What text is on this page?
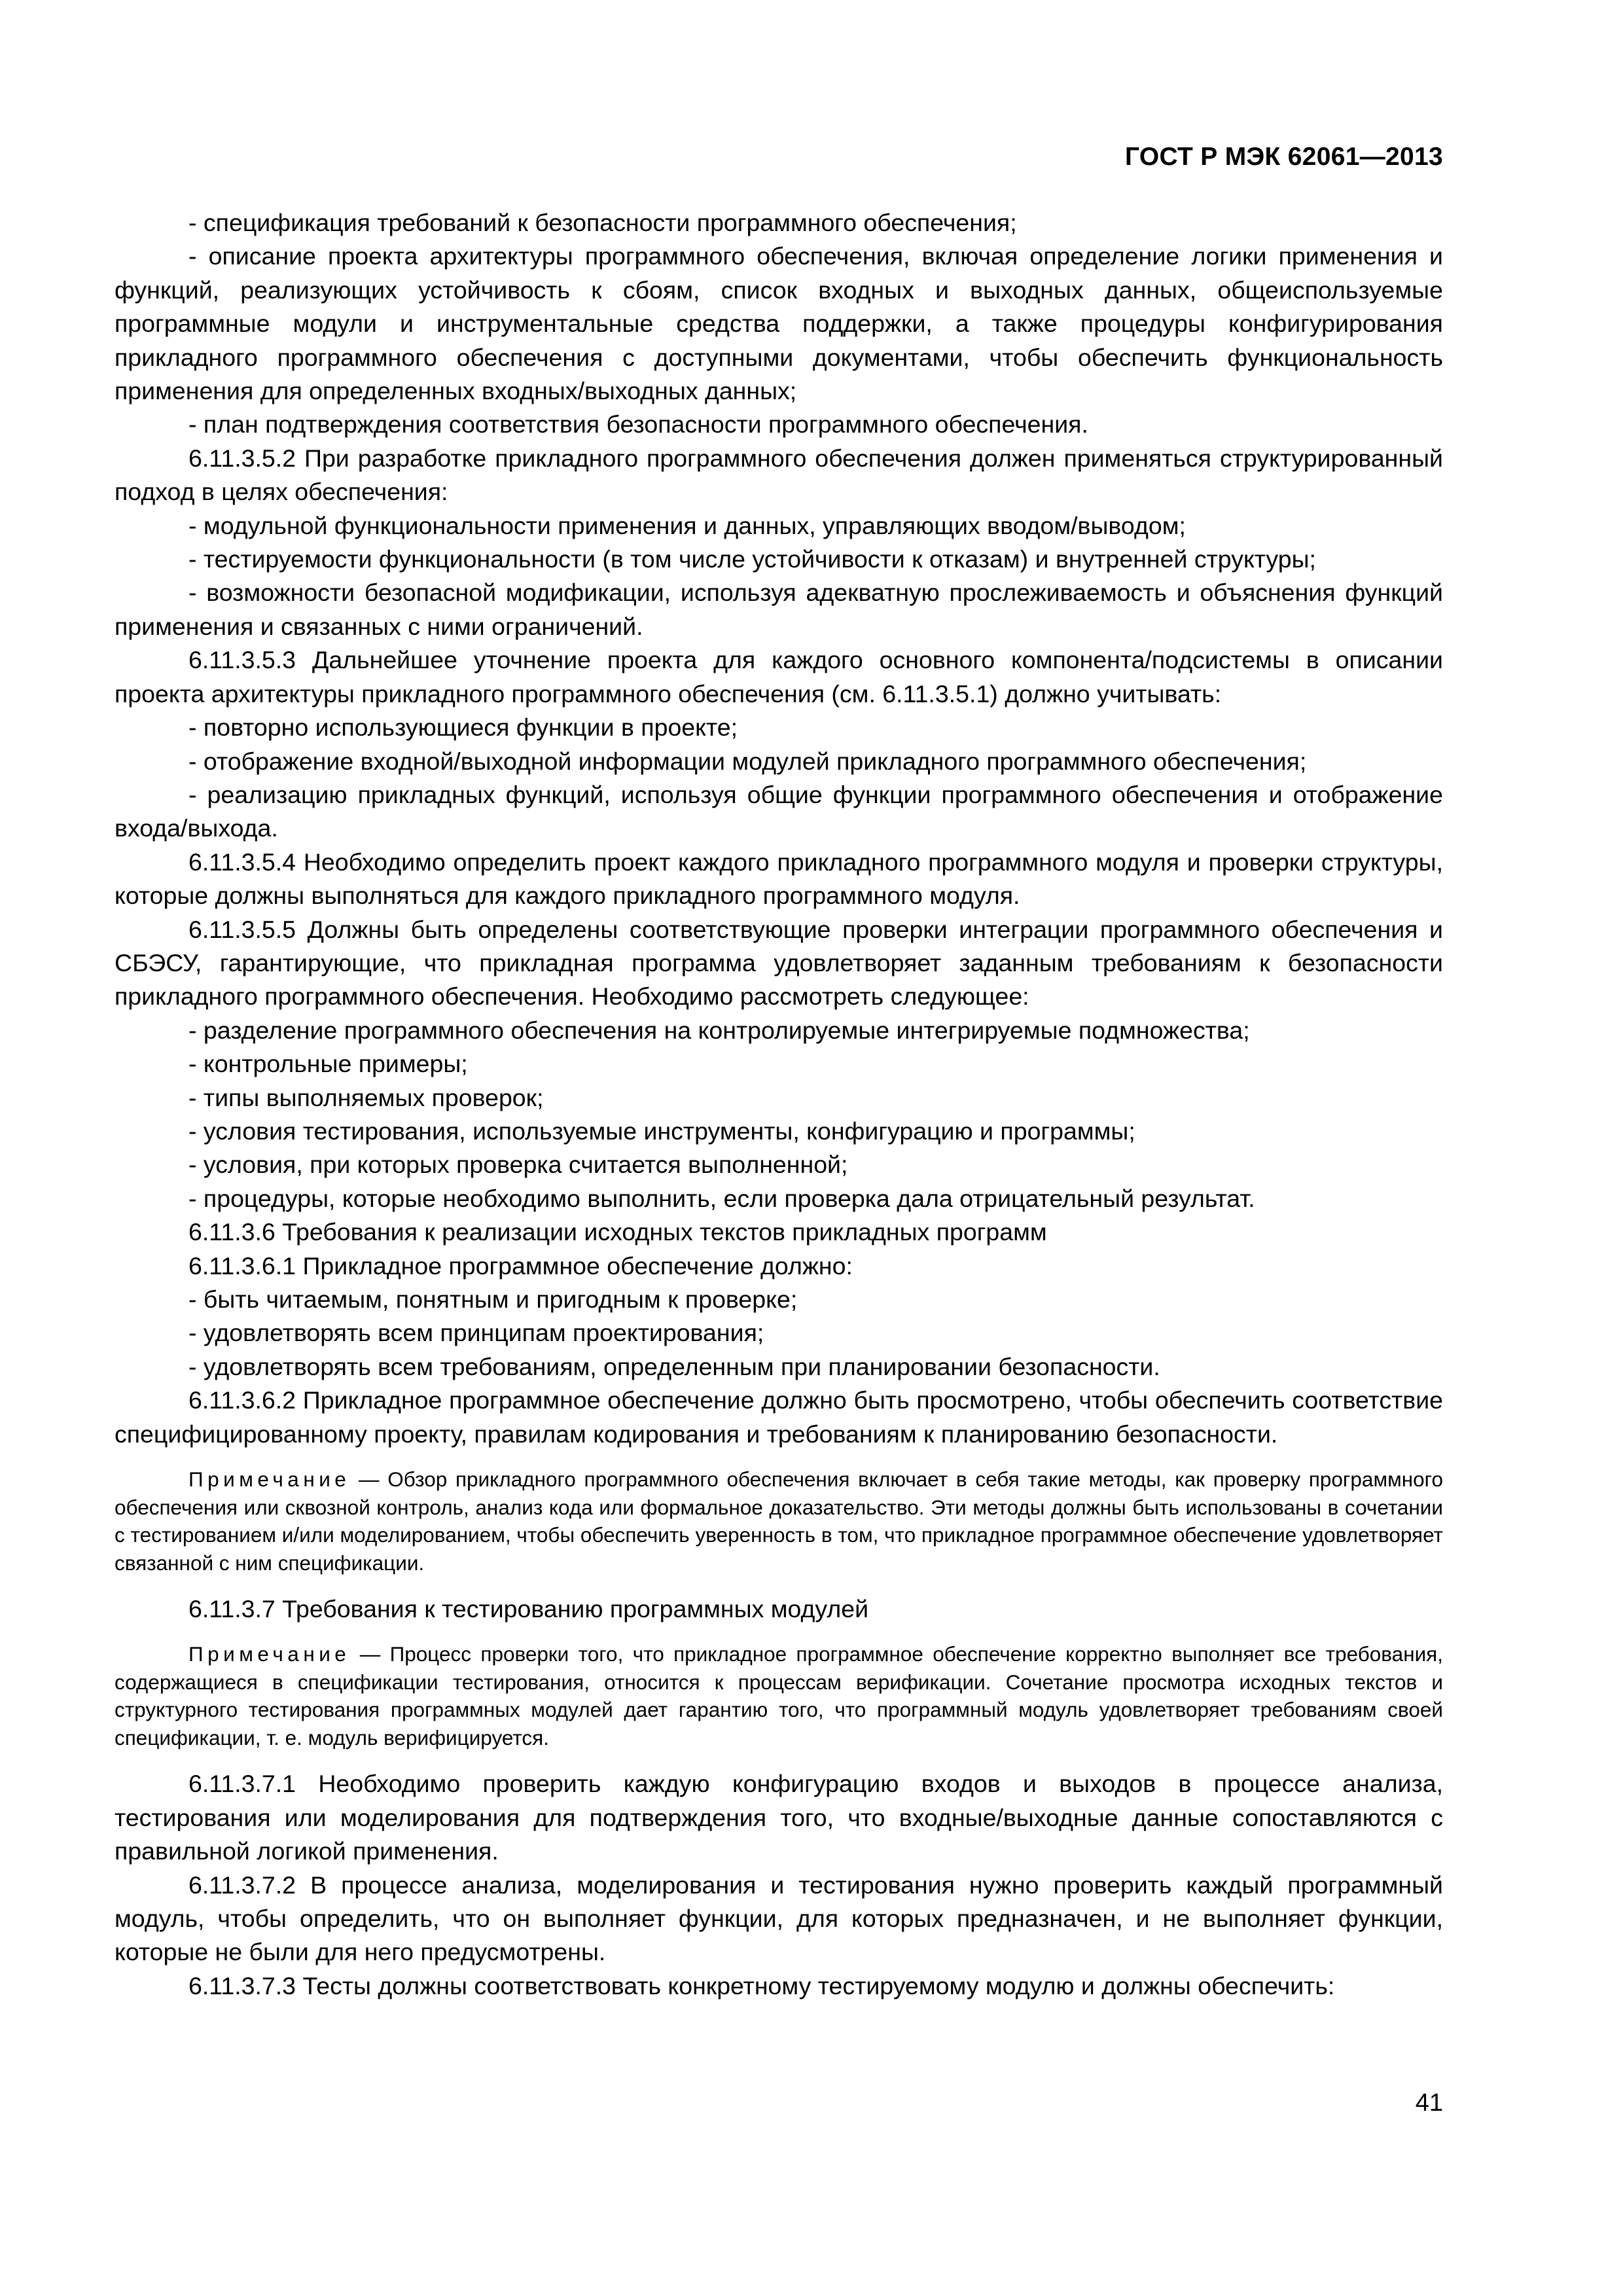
ГОСТ Р МЭК 62061—2013

- спецификация требований к безопасности программного обеспечения;

- описание проекта архитектуры программного обеспечения, включая определение логики применения и функций, реализующих устойчивость к сбоям, список входных и выходных данных, общеиспользуемые программные модули и инструментальные средства поддержки, а также процедуры конфигурирования прикладного программного обеспечения с доступными документами, чтобы обеспечить функциональность применения для определенных входных/выходных данных;

- план подтверждения соответствия безопасности программного обеспечения.

6.11.3.5.2 При разработке прикладного программного обеспечения должен применяться структурированный подход в целях обеспечения:

- модульной функциональности применения и данных, управляющих вводом/выводом;

- тестируемости функциональности (в том числе устойчивости к отказам) и внутренней структуры;

- возможности безопасной модификации, используя адекватную прослеживаемость и объяснения функций применения и связанных с ними ограничений.

6.11.3.5.3 Дальнейшее уточнение проекта для каждого основного компонента/подсистемы в описании проекта архитектуры прикладного программного обеспечения (см. 6.11.3.5.1) должно учитывать:

- повторно использующиеся функции в проекте;

- отображение входной/выходной информации модулей прикладного программного обеспечения;

- реализацию прикладных функций, используя общие функции программного обеспечения и отображение входа/выхода.

6.11.3.5.4 Необходимо определить проект каждого прикладного программного модуля и проверки структуры, которые должны выполняться для каждого прикладного программного модуля.

6.11.3.5.5 Должны быть определены соответствующие проверки интеграции программного обеспечения и СБЭСУ, гарантирующие, что прикладная программа удовлетворяет заданным требованиям к безопасности прикладного программного обеспечения. Необходимо рассмотреть следующее:

- разделение программного обеспечения на контролируемые интегрируемые подмножества;

- контрольные примеры;

- типы выполняемых проверок;

- условия тестирования, используемые инструменты, конфигурацию и программы;

- условия, при которых проверка считается выполненной;

- процедуры, которые необходимо выполнить, если проверка дала отрицательный результат.

6.11.3.6 Требования к реализации исходных текстов прикладных программ

6.11.3.6.1 Прикладное программное обеспечение должно:

- быть читаемым, понятным и пригодным к проверке;

- удовлетворять всем принципам проектирования;

- удовлетворять всем требованиям, определенным при планировании безопасности.

6.11.3.6.2 Прикладное программное обеспечение должно быть просмотрено, чтобы обеспечить соответствие специфицированному проекту, правилам кодирования и требованиям к планированию безопасности.

Примечание — Обзор прикладного программного обеспечения включает в себя такие методы, как проверку программного обеспечения или сквозной контроль, анализ кода или формальное доказательство. Эти методы должны быть использованы в сочетании с тестированием и/или моделированием, чтобы обеспечить уверенность в том, что прикладное программное обеспечение удовлетворяет связанной с ним спецификации.

6.11.3.7 Требования к тестированию программных модулей

Примечание — Процесс проверки того, что прикладное программное обеспечение корректно выполняет все требования, содержащиеся в спецификации тестирования, относится к процессам верификации. Сочетание просмотра исходных текстов и структурного тестирования программных модулей дает гарантию того, что программный модуль удовлетворяет требованиям своей спецификации, т. е. модуль верифицируется.

6.11.3.7.1 Необходимо проверить каждую конфигурацию входов и выходов в процессе анализа, тестирования или моделирования для подтверждения того, что входные/выходные данные сопоставляются с правильной логикой применения.

6.11.3.7.2 В процессе анализа, моделирования и тестирования нужно проверить каждый программный модуль, чтобы определить, что он выполняет функции, для которых предназначен, и не выполняет функции, которые не были для него предусмотрены.

6.11.3.7.3 Тесты должны соответствовать конкретному тестируемому модулю и должны обеспечить:

41
